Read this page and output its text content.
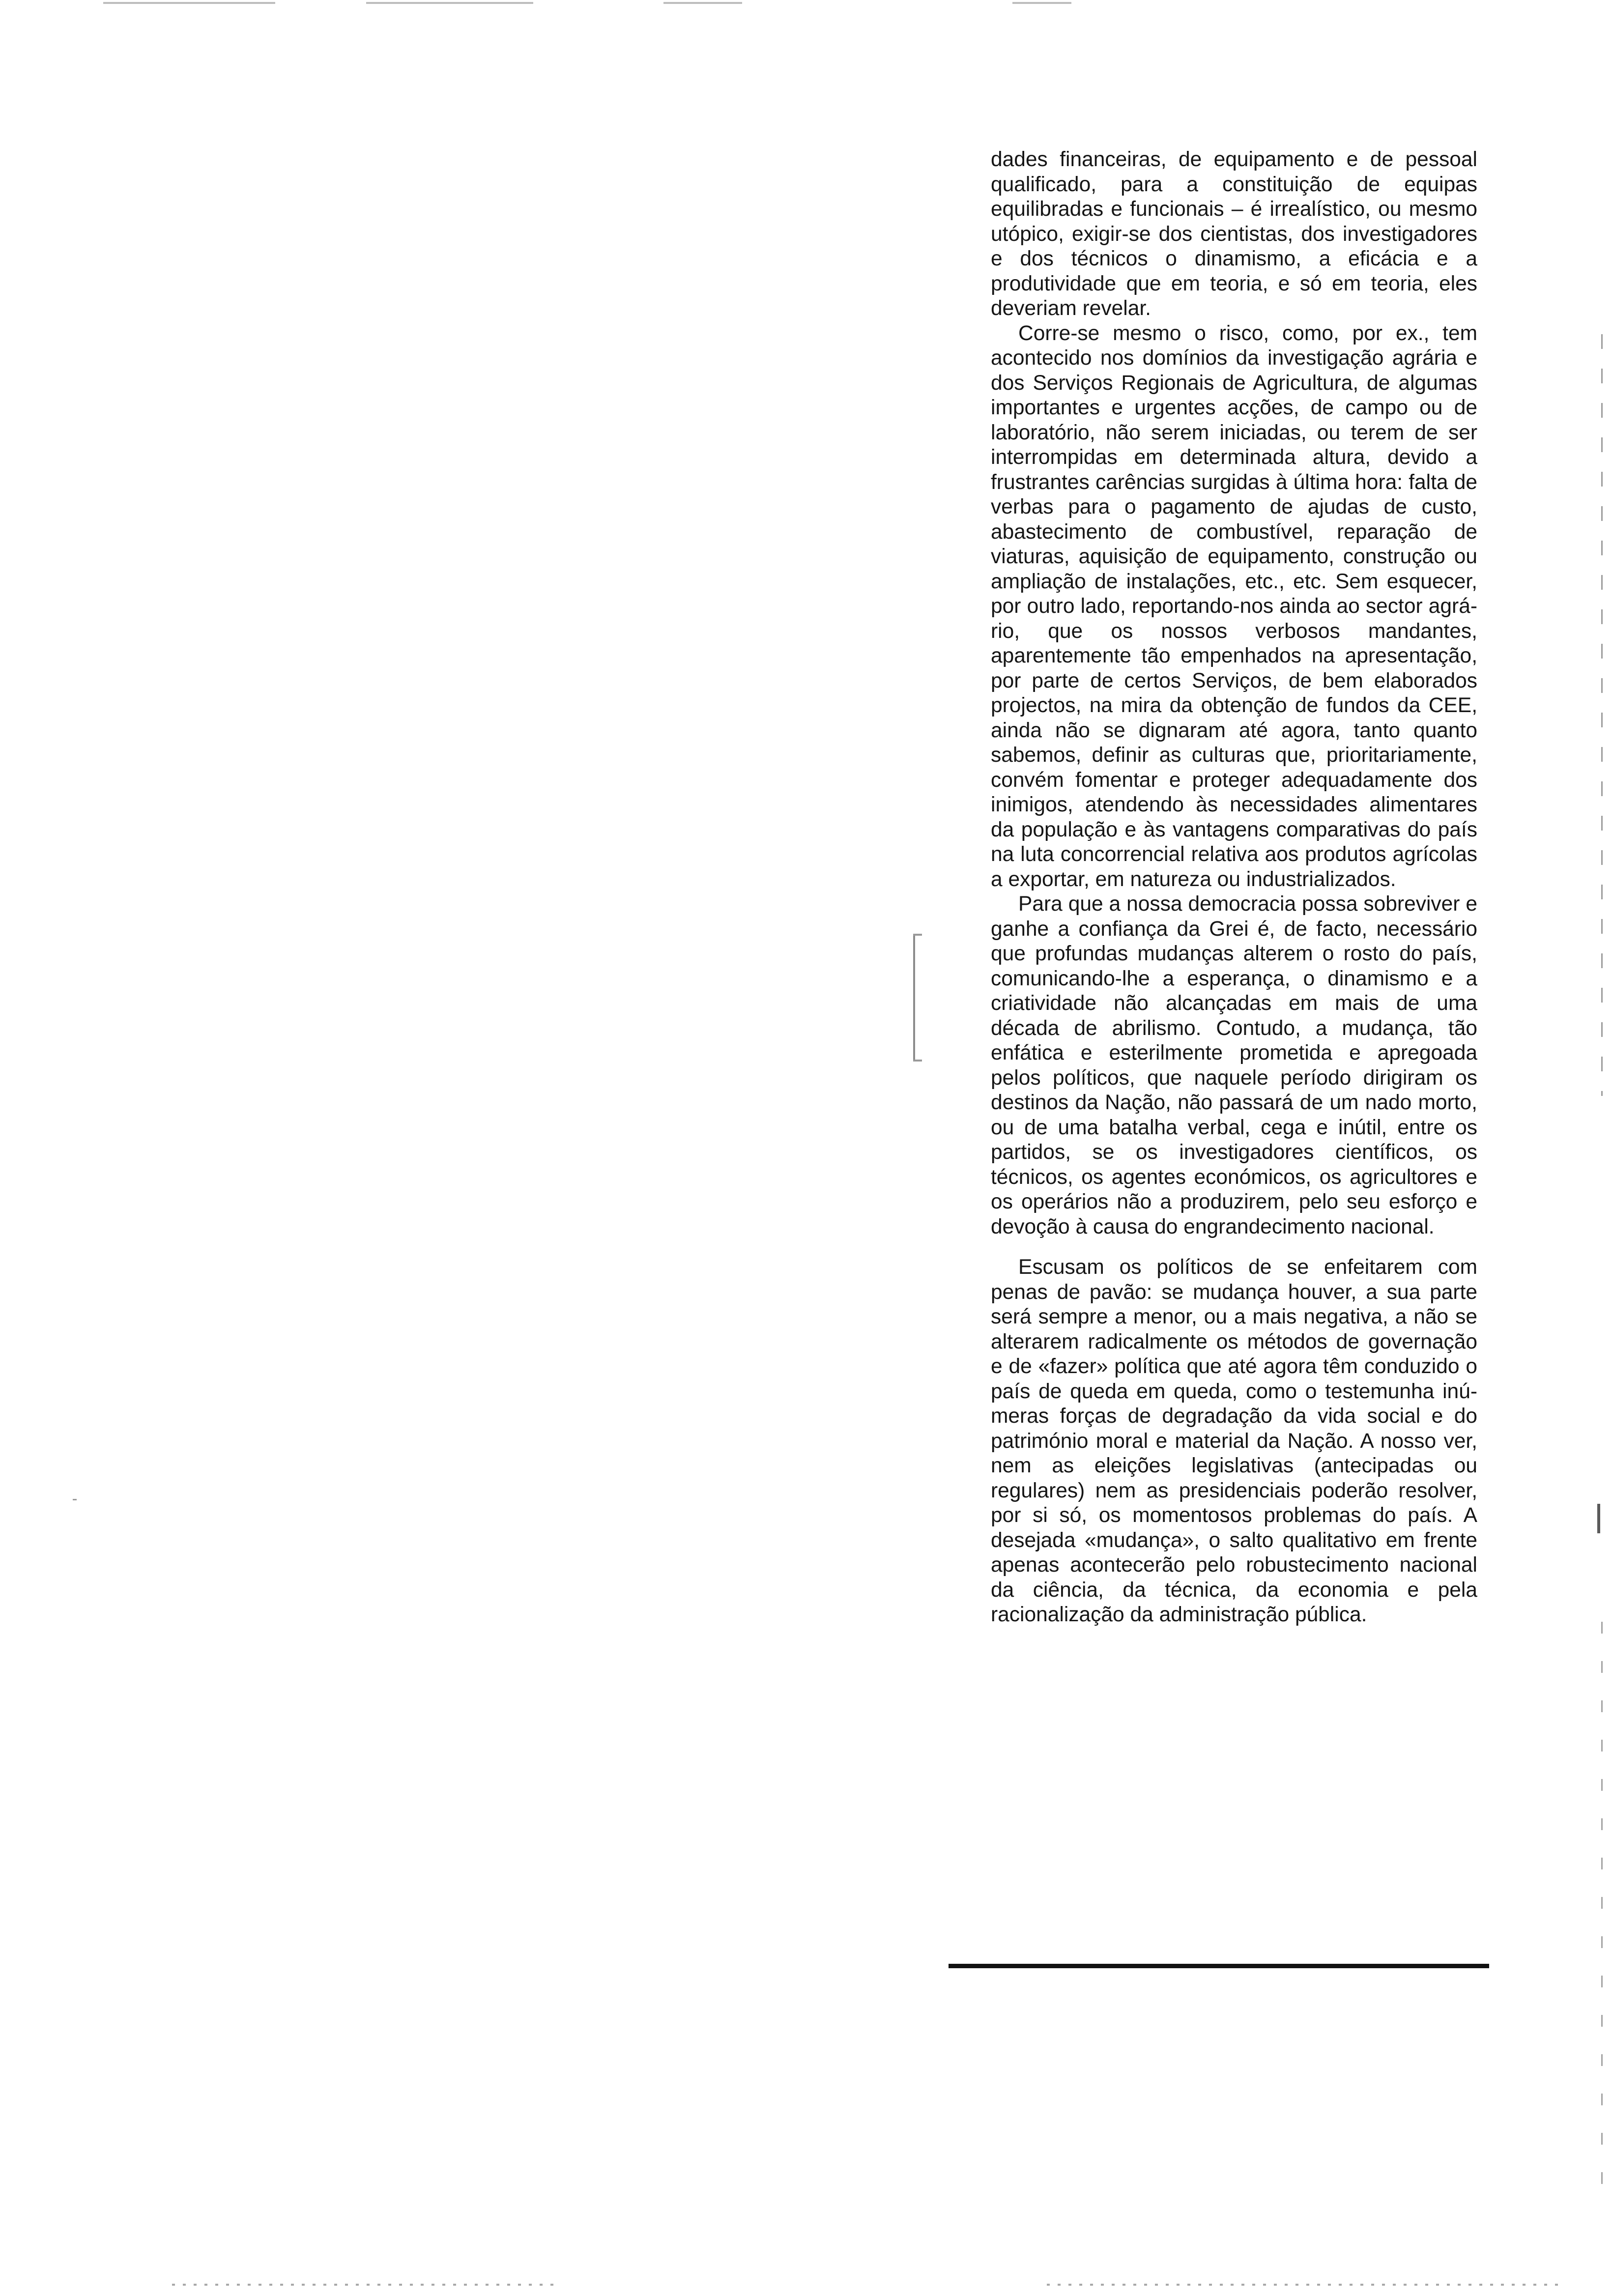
dades financeiras, de equipamento e de pessoal qualificado, para a constituição de equipas equilibradas e funcionais – é irrealístico, ou mesmo utópico, exigir-se dos cientistas, dos investigadores e dos técnicos o dinamismo, a eficácia e a produtividade que em teoria, e só em teoria, eles deveriam revelar.

Corre-se mesmo o risco, como, por ex., tem acontecido nos domínios da investigação agrária e dos Serviços Regionais de Agricultura, de algumas importantes e urgentes acções, de campo ou de laboratório, não serem iniciadas, ou terem de ser interrompidas em determinada altura, devido a frustrantes carências surgidas à última hora: falta de verbas para o pagamento de ajudas de custo, abastecimento de combustível, reparação de viaturas, aquisição de equipamento, construção ou ampliação de instalações, etc., etc. Sem esquecer, por outro lado, reportando-nos ainda ao sector agrário, que os nossos verbosos mandantes, aparentemente tão empenhados na apresentação, por parte de certos Serviços, de bem elaborados projectos, na mira da obtenção de fundos da CEE, ainda não se dignaram até agora, tanto quanto sabemos, definir as culturas que, prioritariamente, convém fomentar e proteger adequadamente dos inimigos, atendendo às necessidades alimentares da população e às vantagens comparativas do país na luta concorrencial relativa aos produtos agrícolas a exportar, em natureza ou industrializados.

Para que a nossa democracia possa sobreviver e ganhe a confiança da Grei é, de facto, necessário que profundas mudanças alterem o rosto do país, comunicando-lhe a esperança, o dinamismo e a criatividade não alcançadas em mais de uma década de abrilismo. Contudo, a mudança, tão enfática e esterilmente prometida e apregoada pelos políticos, que naquele período dirigiram os destinos da Nação, não passará de um nado morto, ou de uma batalha verbal, cega e inútil, entre os partidos, se os investigadores científicos, os técnicos, os agentes económicos, os agricultores e os operários não a produzirem, pelo seu esforço e devoção à causa do engrandecimento nacional.

Escusam os políticos de se enfeitarem com penas de pavão: se mudança houver, a sua parte será sempre a menor, ou a mais negativa, a não se alterarem radicalmente os métodos de governação e de «fazer» política que até agora têm conduzido o país de queda em queda, como o testemunha inúmeras forças de degradação da vida social e do património moral e material da Nação. A nosso ver, nem as eleições legislativas (antecipadas ou regulares) nem as presidenciais poderão resolver, por si só, os momentosos problemas do país. A desejada «mudança», o salto qualitativo em frente apenas acontecerão pelo robustecimento nacional da ciência, da técnica, da economia e pela racionalização da administração pública.
